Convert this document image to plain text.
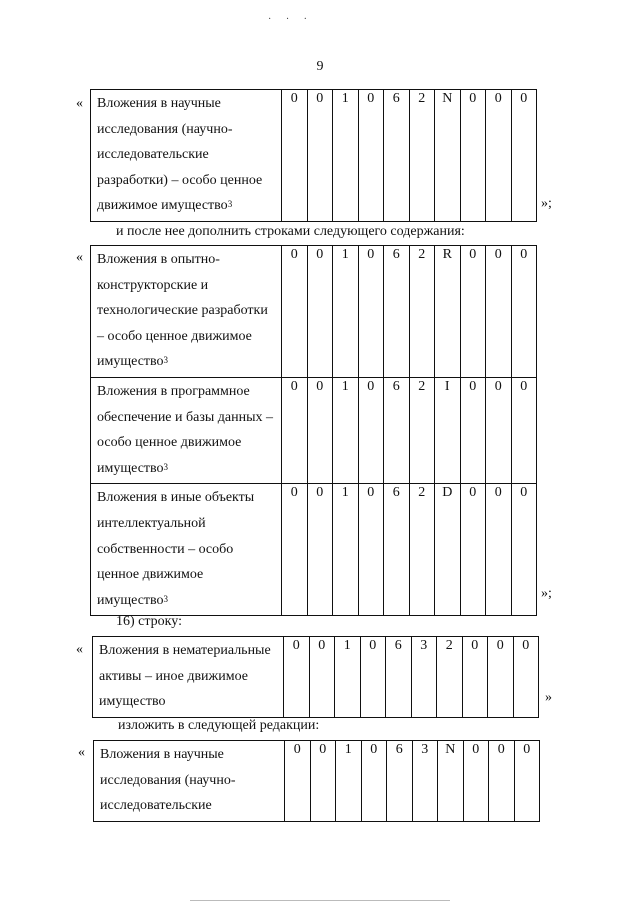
· · ·
9
« Вложения в научные исследования (научно-исследовательские разработки) – особо ценное движимое имущество$^3$	0	0	1	0	6	2	N	0	0	0
»;
и после нее дополнить строками следующего содержания:
« Вложения в опытно-конструкторские и технологические разработки – особо ценное движимое имущество$^3$	0	0	1	0	6	2	R	0	0	0
Вложения в программное обеспечение и базы данных – особо ценное движимое имущество$^3$	0	0	1	0	6	2	I	0	0	0
Вложения в иные объекты интеллектуальной собственности – особо ценное движимое имущество$^3$	0	0	1	0	6	2	D	0	0	0
»;
16) строку:
« Вложения в нематериальные активы – иное движимое имущество	0	0	1	0	6	3	2	0	0	0
»
изложить в следующей редакции:
« Вложения в научные исследования (научно-исследовательские	0	0	1	0	6	3	N	0	0	0
